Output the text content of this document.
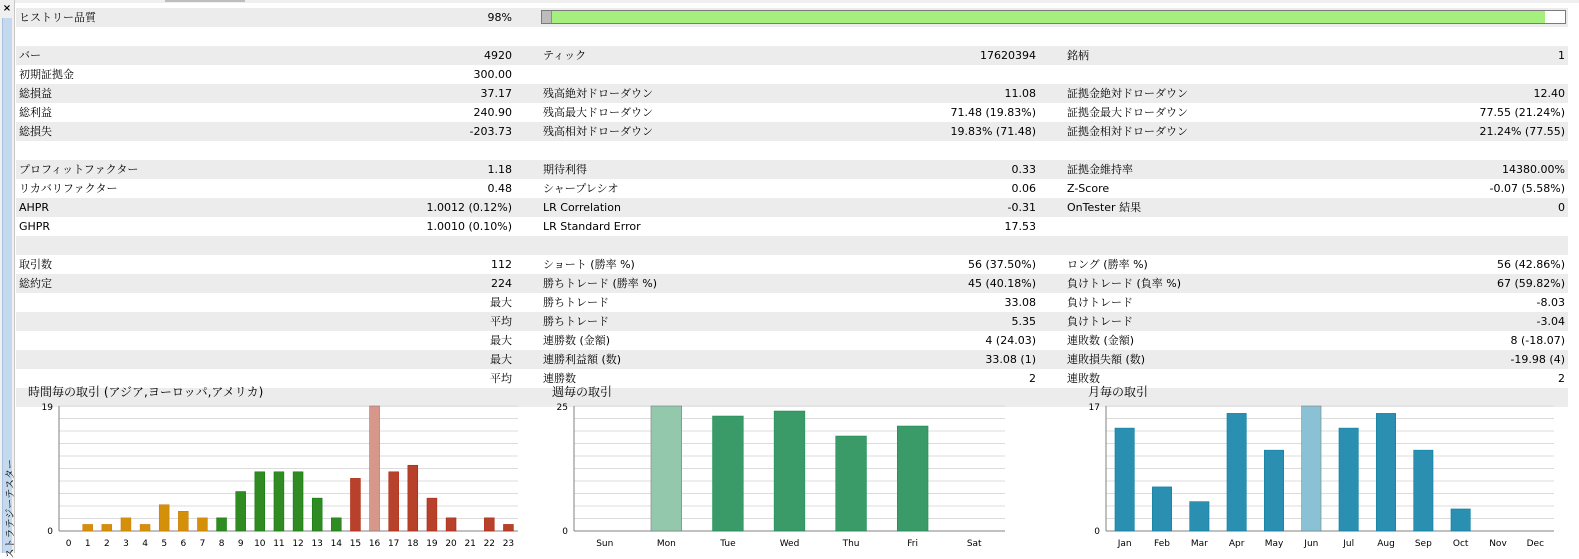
×
ストラテジーテスター
ヒストリー品質	98%
バー	4920	ティック	17620394	銘柄	1
初期証拠金	300.00
総損益	37.17	残高絶対ドローダウン	11.08	証拠金絶対ドローダウン	12.40
総利益	240.90	残高最大ドローダウン	71.48 (19.83%)	証拠金最大ドローダウン	77.55 (21.24%)
総損失	-203.73	残高相対ドローダウン	19.83% (71.48)	証拠金相対ドローダウン	21.24% (77.55)
プロフィットファクター	1.18	期待利得	0.33	証拠金維持率	14380.00%
リカバリファクター	0.48	シャープレシオ	0.06	Z-Score	-0.07 (5.58%)
AHPR	1.0012 (0.12%)	LR Correlation	-0.31	OnTester 結果	0
GHPR	1.0010 (0.10%)	LR Standard Error	17.53
取引数	112	ショート (勝率 %)	56 (37.50%)	ロング (勝率 %)	56 (42.86%)
総約定	224	勝ちトレード (勝率 %)	45 (40.18%)	負けトレード (負率 %)	67 (59.82%)
最大	勝ちトレード	33.08	負けトレード	-8.03
平均	勝ちトレード	5.35	負けトレード	-3.04
最大	連勝数 (金額)	4 (24.03)	連敗数 (金額)	8 (-18.07)
最大	連勝利益額 (数)	33.08 (1)	連敗損失額 (数)	-19.98 (4)
平均	連勝数	2	連敗数	2
時間毎の取引 (アジア,ヨーロッパ,アメリカ)
19
0
0 1 2 3 4 5 6 7 8 9 10 11 12 13 14 15 16 17 18 19 20 21 22 23
週毎の取引
25
0
Sun	Mon	Tue	Wed	Thu	Fri	Sat
月毎の取引
17
0
Jan Feb Mar Apr May Jun	Jul	Aug Sep Oct Nov Dec
